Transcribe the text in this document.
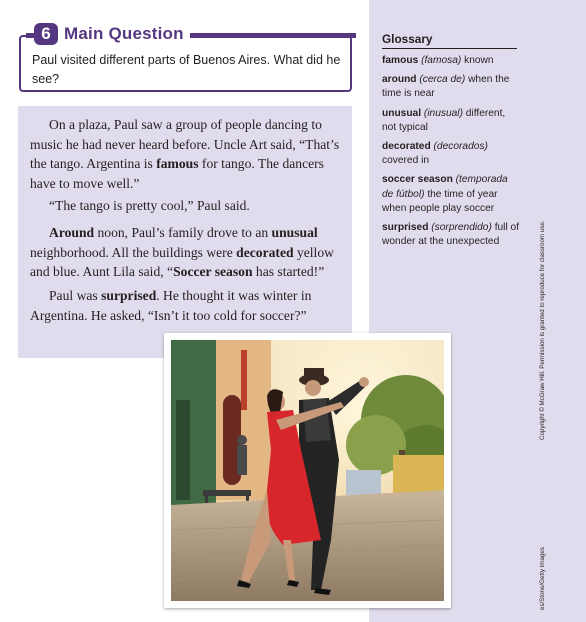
Paul visited different parts of Buenos Aires. What did he see?
6 Main Question

On a plaza, Paul saw a group of people dancing to music he had never heard before. Uncle Art said, “That’s the tango. Argentina is famous for tango. The dancers have to move well.”

“The tango is pretty cool,” Paul said.

Around noon, Paul’s family drove to an unusual neighborhood. All the buildings were decorated yellow and blue. Aunt Lila said, “Soccer season has started!”

Paul was surprised. He thought it was winter in Argentina. He asked, “Isn’t it too cold for soccer?”

Glossary
famous (famosa) known
around (cerca de) when the time is near
unusual (inusual) different, not typical
decorated (decorados) covered in
soccer season (temporada de fútbol) the time of year when people play soccer
surprised (sorprendido) full of wonder at the unexpected	Copyright © McGraw Hill. Permission is granted to reproduce for classroom use.
es/Stone/Getty Images
